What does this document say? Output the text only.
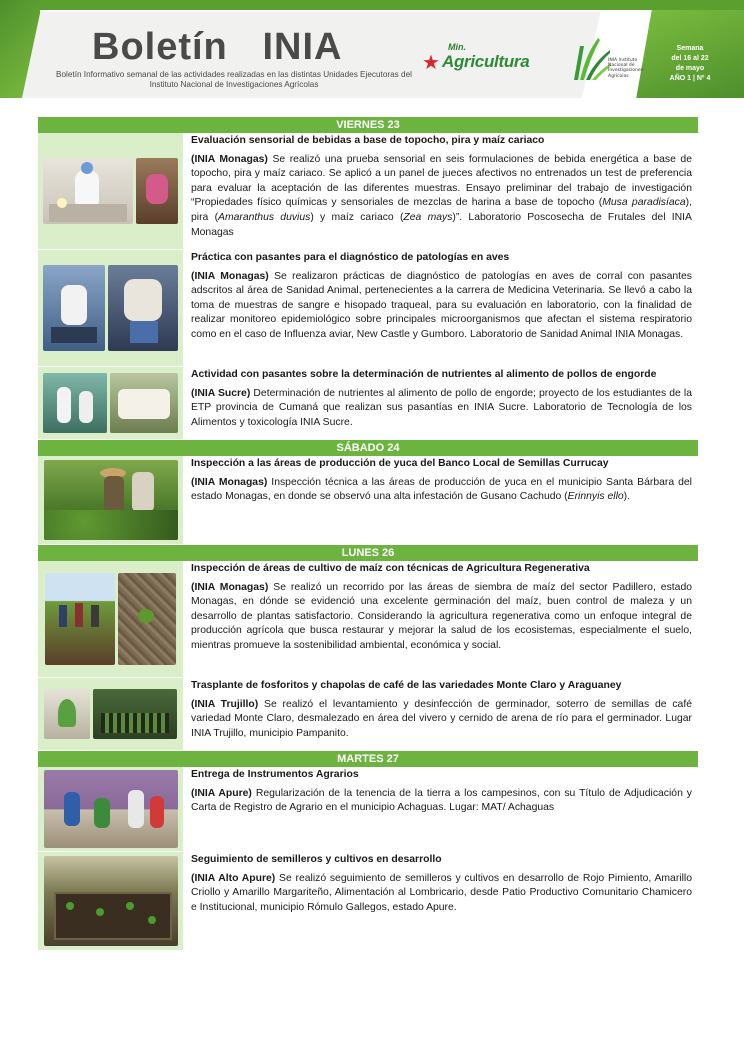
Boletín   INIA
Boletín Informativo semanal de las actividades realizadas en las distintas Unidades Ejecutoras del Instituto Nacional de Investigaciones Agrícolas
★
Min.
Agricultura	INIA Instituto Nacional de Investigaciones Agrícolas
Semana
del 16 al 22
de mayo
AÑO 1 | Nº 4
VIERNES 23
Evaluación sensorial de bebidas a base de topocho, pira y maíz cariaco
(INIA Monagas) Se realizó una prueba sensorial en seis formulaciones de bebida energética a base de topocho, pira y maíz cariaco. Se aplicó a un panel de jueces afectivos no entrenados un test de preferencia para evaluar la aceptación de las diferentes muestras. Ensayo preliminar del trabajo de investigación “Propiedades físico químicas y sensoriales de mezclas de harina a base de topocho (Musa paradisíaca), pira (Amaranthus duvius) y maíz cariaco (Zea mays)”. Laboratorio Poscosecha de Frutales del INIA Monagas
Práctica con pasantes para el diagnóstico de patologías en aves
(INIA Monagas) Se realizaron prácticas de diagnóstico de patologías en aves de corral con pasantes adscritos al área de Sanidad Animal, pertenecientes a la carrera de Medicina Veterinaria. Se llevó a cabo la toma de muestras de sangre e hisopado traqueal, para su evaluación en laboratorio, con la finalidad de realizar monitoreo epidemiológico sobre principales microorganismos que afectan el sistema respiratorio como en el caso de Influenza aviar, New Castle y Gumboro. Laboratorio de Sanidad Animal INIA Monagas.
Actividad con pasantes sobre la determinación de nutrientes al alimento de pollos de engorde
(INIA Sucre) Determinación de nutrientes al alimento de pollo de engorde; proyecto de los estudiantes de la ETP provincia de Cumaná que realizan sus pasantías en INIA Sucre. Laboratorio de Tecnología de los Alimentos y toxicología INIA Sucre.
SÁBADO 24
Inspección a las áreas de producción de yuca del Banco Local de Semillas Currucay
(INIA Monagas) Inspección técnica a las áreas de producción de yuca en el municipio Santa Bárbara del estado Monagas, en donde se observó una alta infestación de Gusano Cachudo (Erinnyis ello).
LUNES 26
Inspección de áreas de cultivo de maíz con técnicas de Agricultura Regenerativa
(INIA Monagas) Se realizó un recorrido por las áreas de siembra de maíz del sector Padillero, estado Monagas, en dónde se evidenció una excelente germinación del maíz, buen control de maleza y un desarrollo de plantas satisfactorio. Considerando la agricultura regenerativa como un enfoque integral de producción agrícola que busca restaurar y mejorar la salud de los ecosistemas, especialmente el suelo, mientras promueve la sostenibilidad ambiental, económica y social.
Trasplante de fosforitos y chapolas de café de las variedades Monte Claro y Araguaney
(INIA Trujillo) Se realizó el levantamiento y desinfección de germinador, soterro de semillas de café variedad Monte Claro, desmalezado en área del vivero y cernido de arena de río para el germinador. Lugar INIA Trujillo, municipio Pampanito.
MARTES 27
Entrega de Instrumentos Agrarios
(INIA Apure) Regularización de la tenencia de la tierra a los campesinos, con su Título de Adjudicación y Carta de Registro de Agrario en el municipio Achaguas. Lugar: MAT/ Achaguas
Seguimiento de semilleros y cultivos en desarrollo
(INIA Alto Apure) Se realizó seguimiento de semilleros y cultivos en desarrollo de Rojo Pimiento, Amarillo Criollo y Amarillo Margariteño, Alimentación al Lombricario, desde Patio Productivo Comunitario Chamicero e Institucional, municipio Rómulo Gallegos, estado Apure.
